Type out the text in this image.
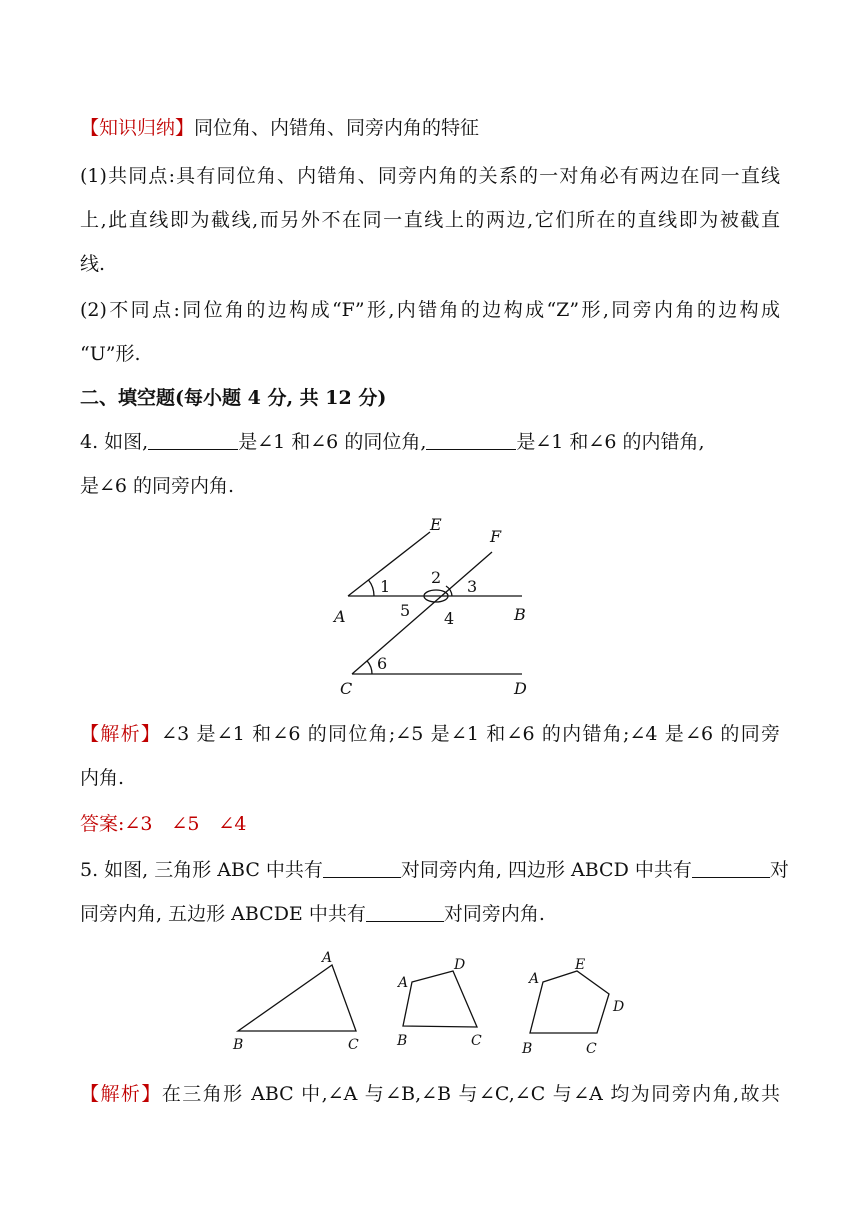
【知识归纳】同位角、内错角、同旁内角的特征
(1)共同点:具有同位角、内错角、同旁内角的关系的一对角必有两边在同一直线
上,此直线即为截线,而另外不在同一直线上的两边,它们所在的直线即为被截直
线.
(2)不同点:同位角的边构成“F”形,内错角的边构成“Z”形,同旁内角的边构成
“U”形.
二、填空题(每小题 4 分, 共 12 分)
4. 如图,	是∠1 和∠6 的同位角,	是∠1 和∠6 的内错角,
是∠6 的同旁内角.
E
F
A	B
C	D
1	2 3
4
5
6
【解析】∠3 是∠1 和∠6 的同位角;∠5 是∠1 和∠6 的内错角;∠4 是∠6 的同旁
内角.
答案:∠3　∠5　∠4
5. 如图, 三角形 ABC 中共有	对同旁内角, 四边形 ABCD 中共有	对
同旁内角, 五边形 ABCDE 中共有	对同旁内角.
A
B	C
A
B	C
D
A
B	C
D
E
【解析】在三角形 ABC 中,∠A 与∠B,∠B 与∠C,∠C 与∠A 均为同旁内角,故共
